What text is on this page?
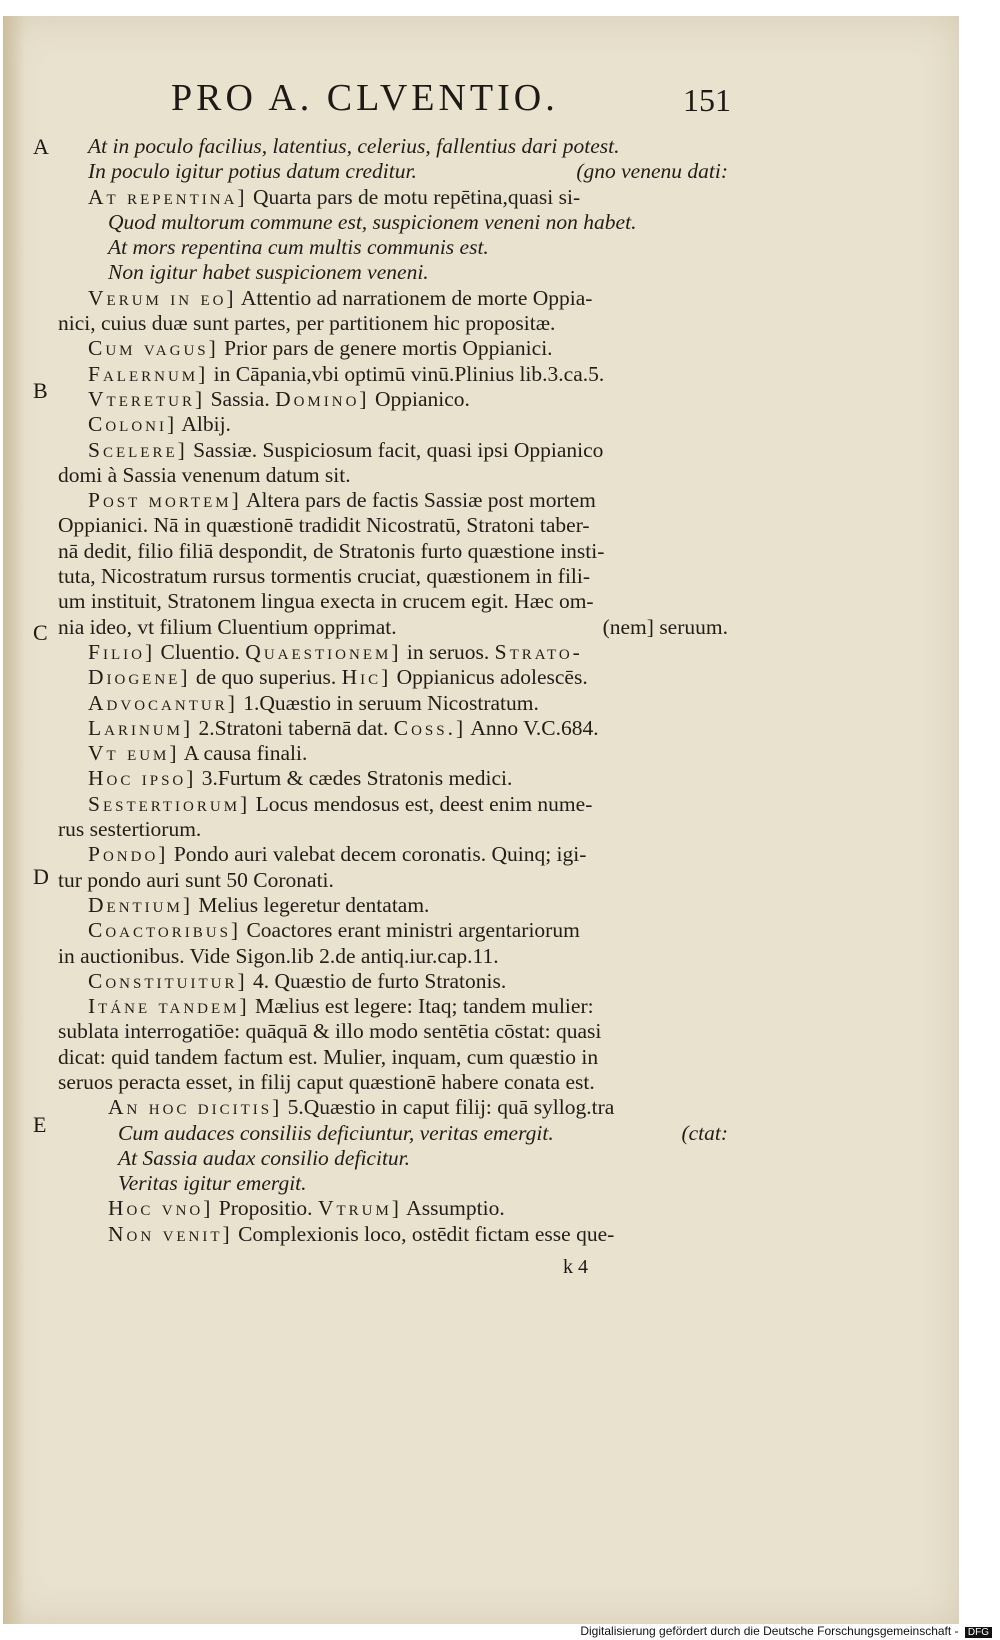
PRO A. CLVENTIO.	151
A
B
C
D
E
At in poculo facilius, latentius, celerius, fallentius dari potest.
(gno venenu dati:
In poculo igitur potius datum creditur.
At repentina] Quarta pars de motu repētina,quasi si-
Quod multorum commune est, suspicionem veneni non habet.
At mors repentina cum multis communis est.
Non igitur habet suspicionem veneni.
Verum in eo] Attentio ad narrationem de morte Oppia-
nici, cuius duæ sunt partes, per partitionem hic propositæ.
Cum vagus] Prior pars de genere mortis Oppianici.
Falernum] in Cāpania,vbi optimū vinū.Plinius lib.3.ca.5.
Vteretur] Sassia. Domino] Oppianico.
Coloni] Albij.
Scelere] Sassiæ. Suspiciosum facit, quasi ipsi Oppianico
domi à Sassia venenum datum sit.
Post mortem] Altera pars de factis Sassiæ post mortem
Oppianici. Nā in quæstionē tradidit Nicostratū, Stratoni taber-
nā dedit, filio filiā despondit, de Stratonis furto quæstione insti-
tuta, Nicostratum rursus tormentis cruciat, quæstionem in fili-
um instituit, Stratonem lingua execta in crucem egit. Hæc om-
(nem] seruum.
nia ideo, vt filium Cluentium opprimat.
Filio] Cluentio. Quaestionem] in seruos. Strato-
Diogene] de quo superius. Hic] Oppianicus adolescēs.
Advocantur] 1.Quæstio in seruum Nicostratum.
Larinum] 2.Stratoni tabernā dat. Coss.] Anno V.C.684.
Vt eum] A causa finali.
Hoc ipso] 3.Furtum & cædes Stratonis medici.
Sestertiorum] Locus mendosus est, deest enim nume-
rus sestertiorum.
Pondo] Pondo auri valebat decem coronatis. Quinq; igi-
tur pondo auri sunt 50 Coronati.
Dentium] Melius legeretur dentatam.
Coactoribus] Coactores erant ministri argentariorum
in auctionibus. Vide Sigon.lib 2.de antiq.iur.cap.11.
Constituitur] 4. Quæstio de furto Stratonis.
Itáne tandem] Mælius est legere: Itaq; tandem mulier:
sublata interrogatiōe: quāquā & illo modo sentētia cōstat: quasi
dicat: quid tandem factum est. Mulier, inquam, cum quæstio in
seruos peracta esset, in filij caput quæstionē habere conata est.
An hoc dicitis] 5.Quæstio in caput filij: quā syllog.tra
(ctat:
Cum audaces consiliis deficiuntur, veritas emergit.
At Sassia audax consilio deficitur.
Veritas igitur emergit.
Hoc vno] Propositio. Vtrum] Assumptio.
Non venit] Complexionis loco, ostēdit fictam esse que-
k 4
Digitalisierung gefördert durch die Deutsche Forschungsgemeinschaft - DFG
